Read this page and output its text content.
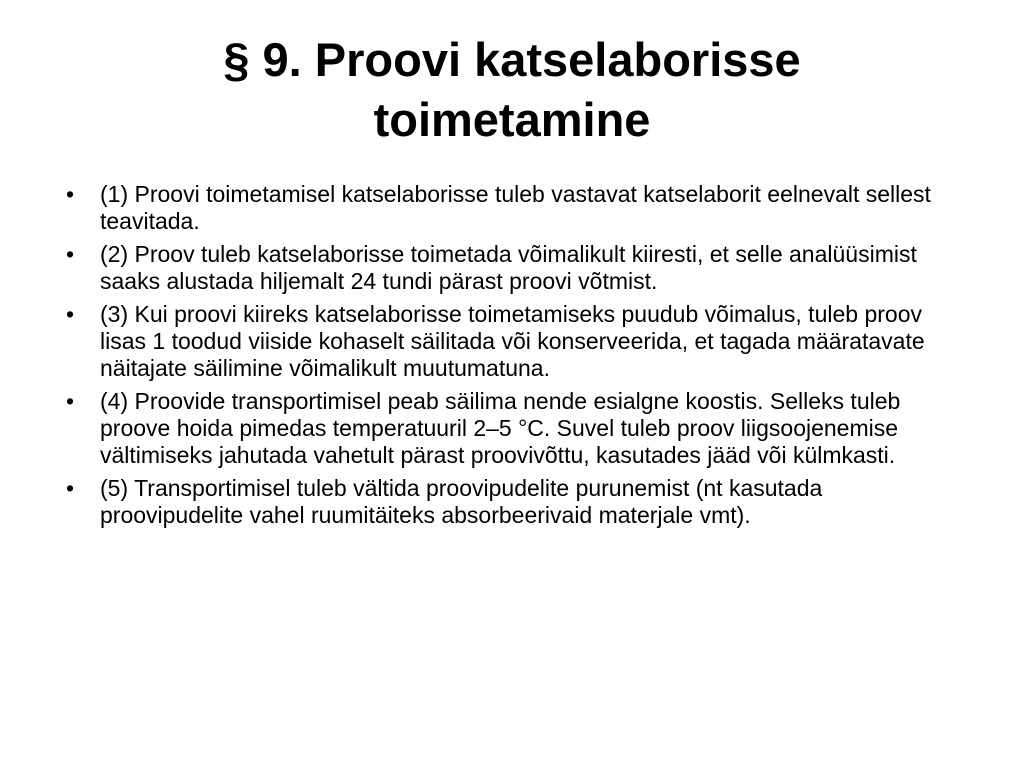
§ 9. Proovi katselaborisse
toimetamine
•	(1) Proovi toimetamisel katselaborisse tuleb vastavat katselaborit eelnevalt sellest teavitada.
•	(2) Proov tuleb katselaborisse toimetada võimalikult kiiresti, et selle analüüsimist saaks alustada hiljemalt 24 tundi pärast proovi võtmist.
•	(3) Kui proovi kiireks katselaborisse toimetamiseks puudub võimalus, tuleb proov lisas 1 toodud viiside kohaselt säilitada või konserveerida, et tagada määratavate näitajate säilimine võimalikult muutumatuna.
•	(4) Proovide transportimisel peab säilima nende esialgne koostis. Selleks tuleb proove hoida pimedas temperatuuril 2–5 °C. Suvel tuleb proov liigsoojenemise vältimiseks jahutada vahetult pärast proovivõttu, kasutades jääd või külmkasti.
•	(5) Transportimisel tuleb vältida proovipudelite purunemist (nt kasutada proovipudelite vahel ruumitäiteks absorbeerivaid materjale vmt).
